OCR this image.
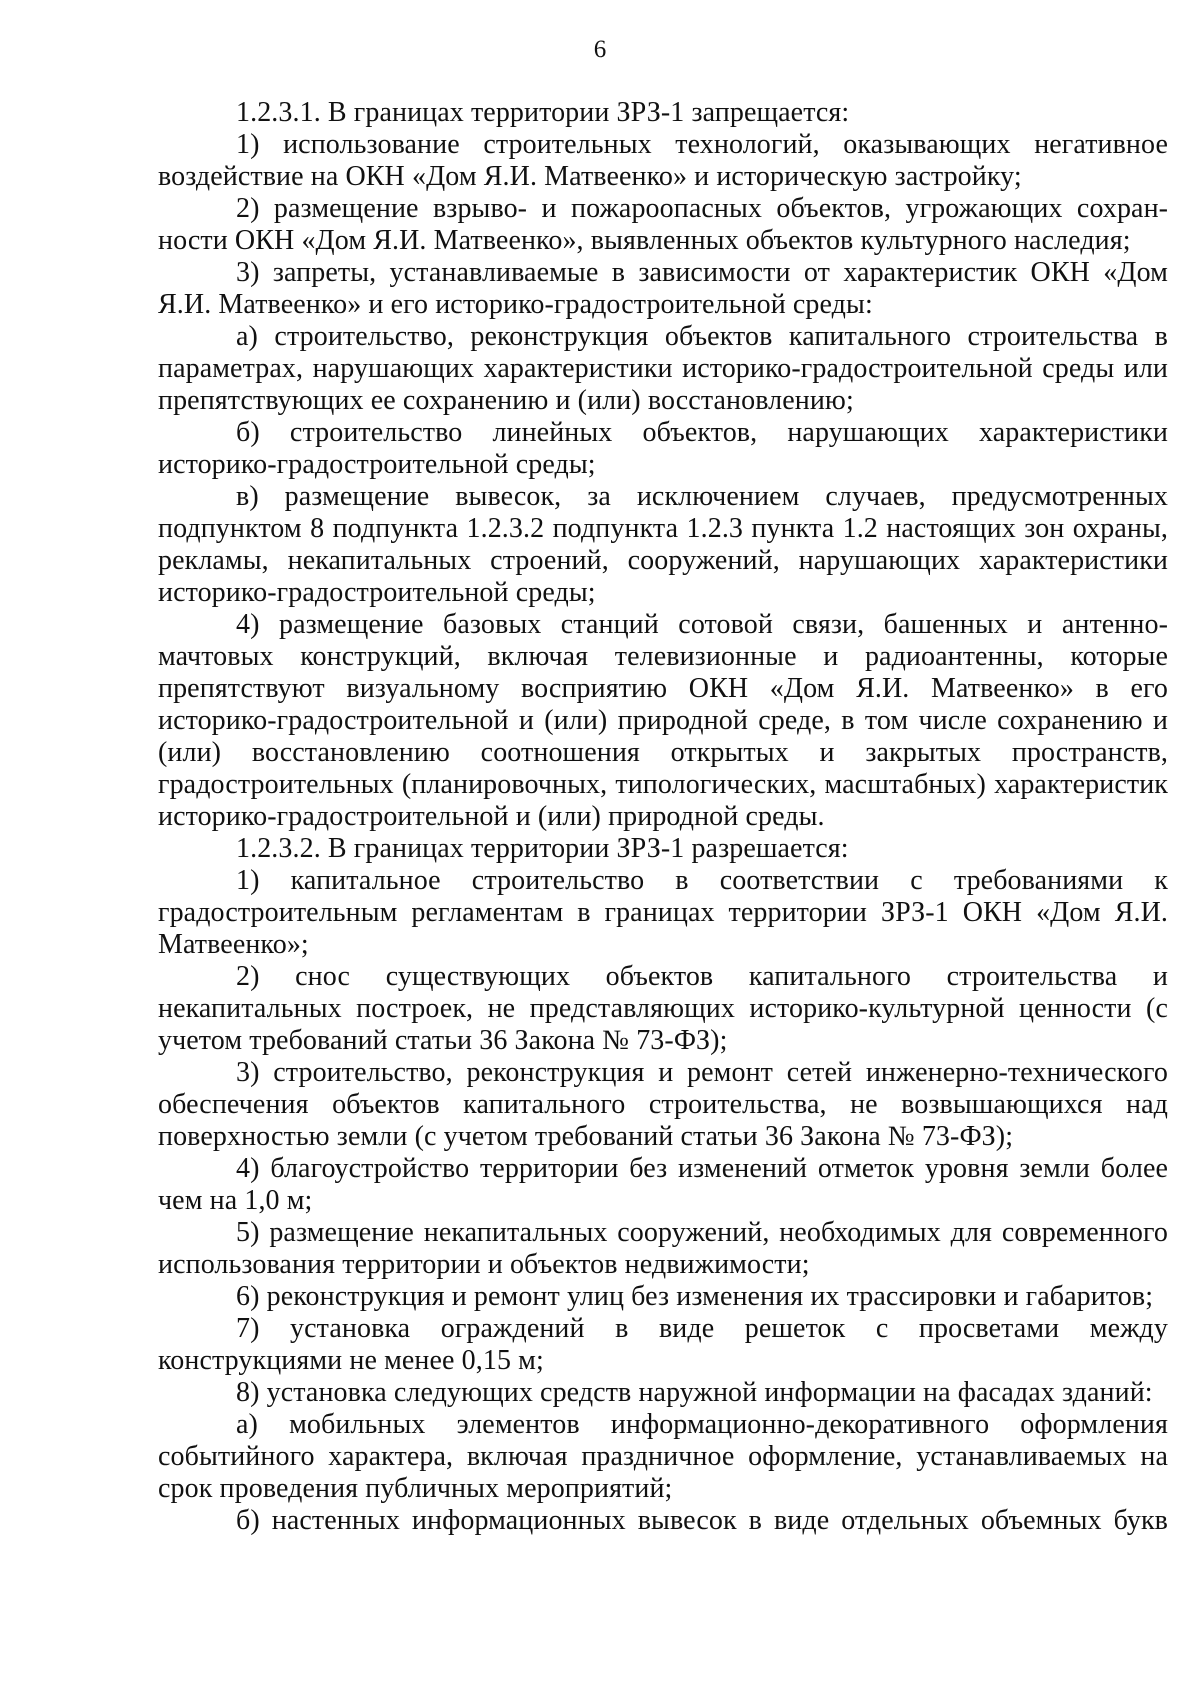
6

1.2.3.1. В границах территории ЗРЗ-1 запрещается:

1) использование строительных технологий, оказывающих негативное воздействие на ОКН «Дом Я.И. Матвеенко» и историческую застройку;

2) размещение взрыво- и пожароопасных объектов, угрожающих сохранности ОКН «Дом Я.И. Матвеенко», выявленных объектов культурного наследия;

3) запреты, устанавливаемые в зависимости от характеристик ОКН «Дом Я.И. Матвеенко» и его историко-градостроительной среды:

а) строительство, реконструкция объектов капитального строительства в параметрах, нарушающих характеристики историко-градостроительной среды или препятствующих ее сохранению и (или) восстановлению;

б) строительство линейных объектов, нарушающих характеристики историко-градостроительной среды;

в) размещение вывесок, за исключением случаев, предусмотренных подпунктом 8 подпункта 1.2.3.2 подпункта 1.2.3 пункта 1.2 настоящих зон охраны, рекламы, некапитальных строений, сооружений, нарушающих характеристики историко-градостроительной среды;

4) размещение базовых станций сотовой связи, башенных и антенно-мачтовых конструкций, включая телевизионные и радиоантенны, которые препятствуют визуальному восприятию ОКН «Дом Я.И. Матвеенко» в его историко-градостроительной и (или) природной среде, в том числе сохранению и (или) восстановлению соотношения открытых и закрытых пространств, градостроительных (планировочных, типологических, масштабных) характеристик историко-градостроительной и (или) природной среды.

1.2.3.2. В границах территории ЗРЗ-1 разрешается:

1) капитальное строительство в соответствии с требованиями к градостроительным регламентам в границах территории ЗРЗ-1 ОКН «Дом Я.И. Матвеенко»;

2) снос существующих объектов капитального строительства и некапитальных построек, не представляющих историко-культурной ценности (с учетом требований статьи 36 Закона № 73-ФЗ);

3) строительство, реконструкция и ремонт сетей инженерно-технического обеспечения объектов капитального строительства, не возвышающихся над поверхностью земли (с учетом требований статьи 36 Закона № 73-ФЗ);

4) благоустройство территории без изменений отметок уровня земли более чем на 1,0 м;

5) размещение некапитальных сооружений, необходимых для современного использования территории и объектов недвижимости;

6) реконструкция и ремонт улиц без изменения их трассировки и габаритов;

7) установка ограждений в виде решеток с просветами между конструкциями не менее 0,15 м;

8) установка следующих средств наружной информации на фасадах зданий:

а) мобильных элементов информационно-декоративного оформления событийного характера, включая праздничное оформление, устанавливаемых на срок проведения публичных мероприятий;

б) настенных информационных вывесок в виде отдельных объемных букв
